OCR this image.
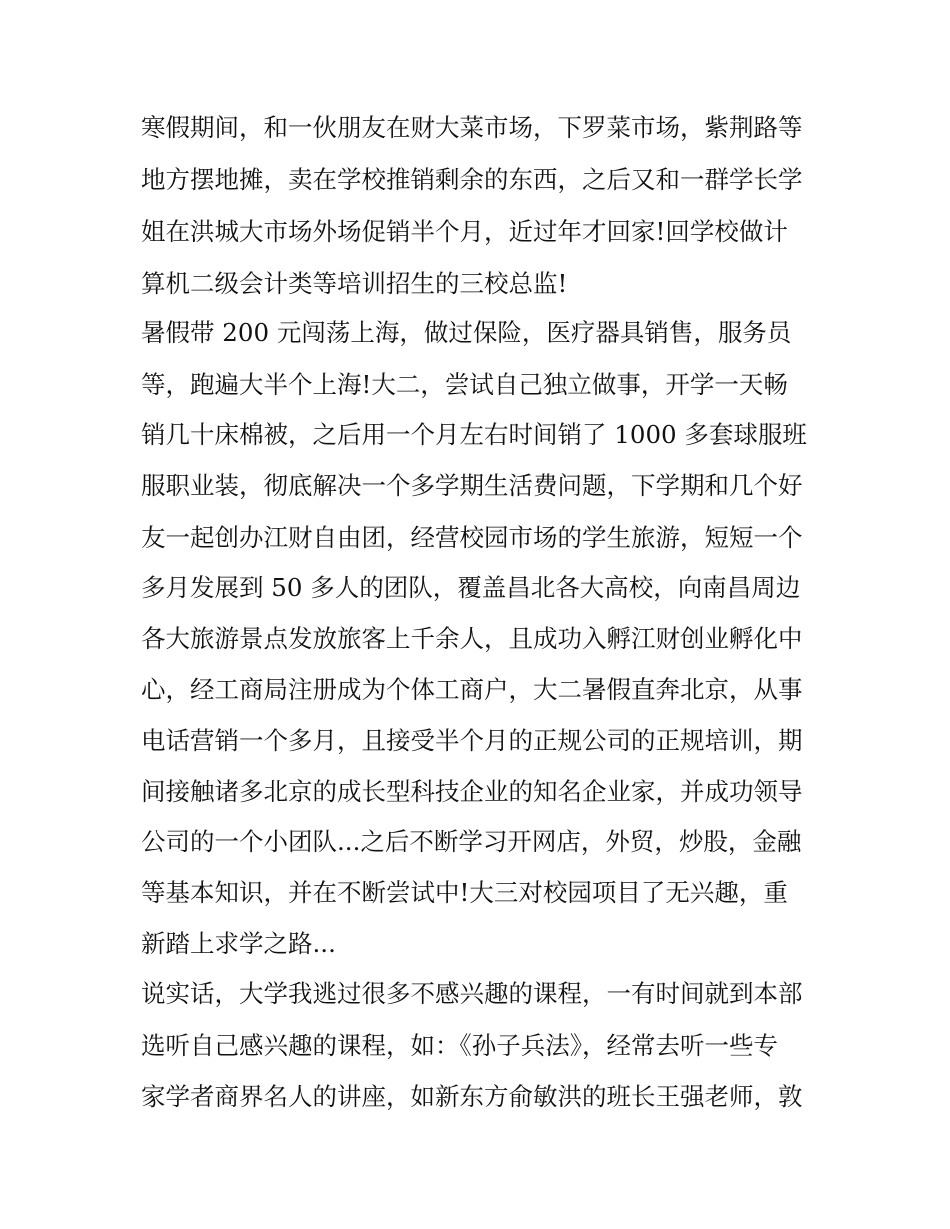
寒假期间，和一伙朋友在财大菜市场，下罗菜市场，紫荆路等
地方摆地摊，卖在学校推销剩余的东西，之后又和一群学长学
姐在洪城大市场外场促销半个月，近过年才回家!回学校做计
算机二级会计类等培训招生的三校总监!
暑假带 200 元闯荡上海，做过保险，医疗器具销售，服务员
等，跑遍大半个上海!大二，尝试自己独立做事，开学一天畅
销几十床棉被，之后用一个月左右时间销了 1000 多套球服班
服职业装，彻底解决一个多学期生活费问题，下学期和几个好
友一起创办江财自由团，经营校园市场的学生旅游，短短一个
多月发展到 50 多人的团队，覆盖昌北各大高校，向南昌周边
各大旅游景点发放旅客上千余人，且成功入孵江财创业孵化中
心，经工商局注册成为个体工商户，大二暑假直奔北京，从事
电话营销一个多月，且接受半个月的正规公司的正规培训，期
间接触诸多北京的成长型科技企业的知名企业家，并成功领导
公司的一个小团队...之后不断学习开网店，外贸，炒股，金融
等基本知识，并在不断尝试中!大三对校园项目了无兴趣，重
新踏上求学之路...
说实话，大学我逃过很多不感兴趣的课程，一有时间就到本部
选听自己感兴趣的课程，如：《孙子兵法》，经常去听一些专
家学者商界名人的讲座，如新东方俞敏洪的班长王强老师，敦
